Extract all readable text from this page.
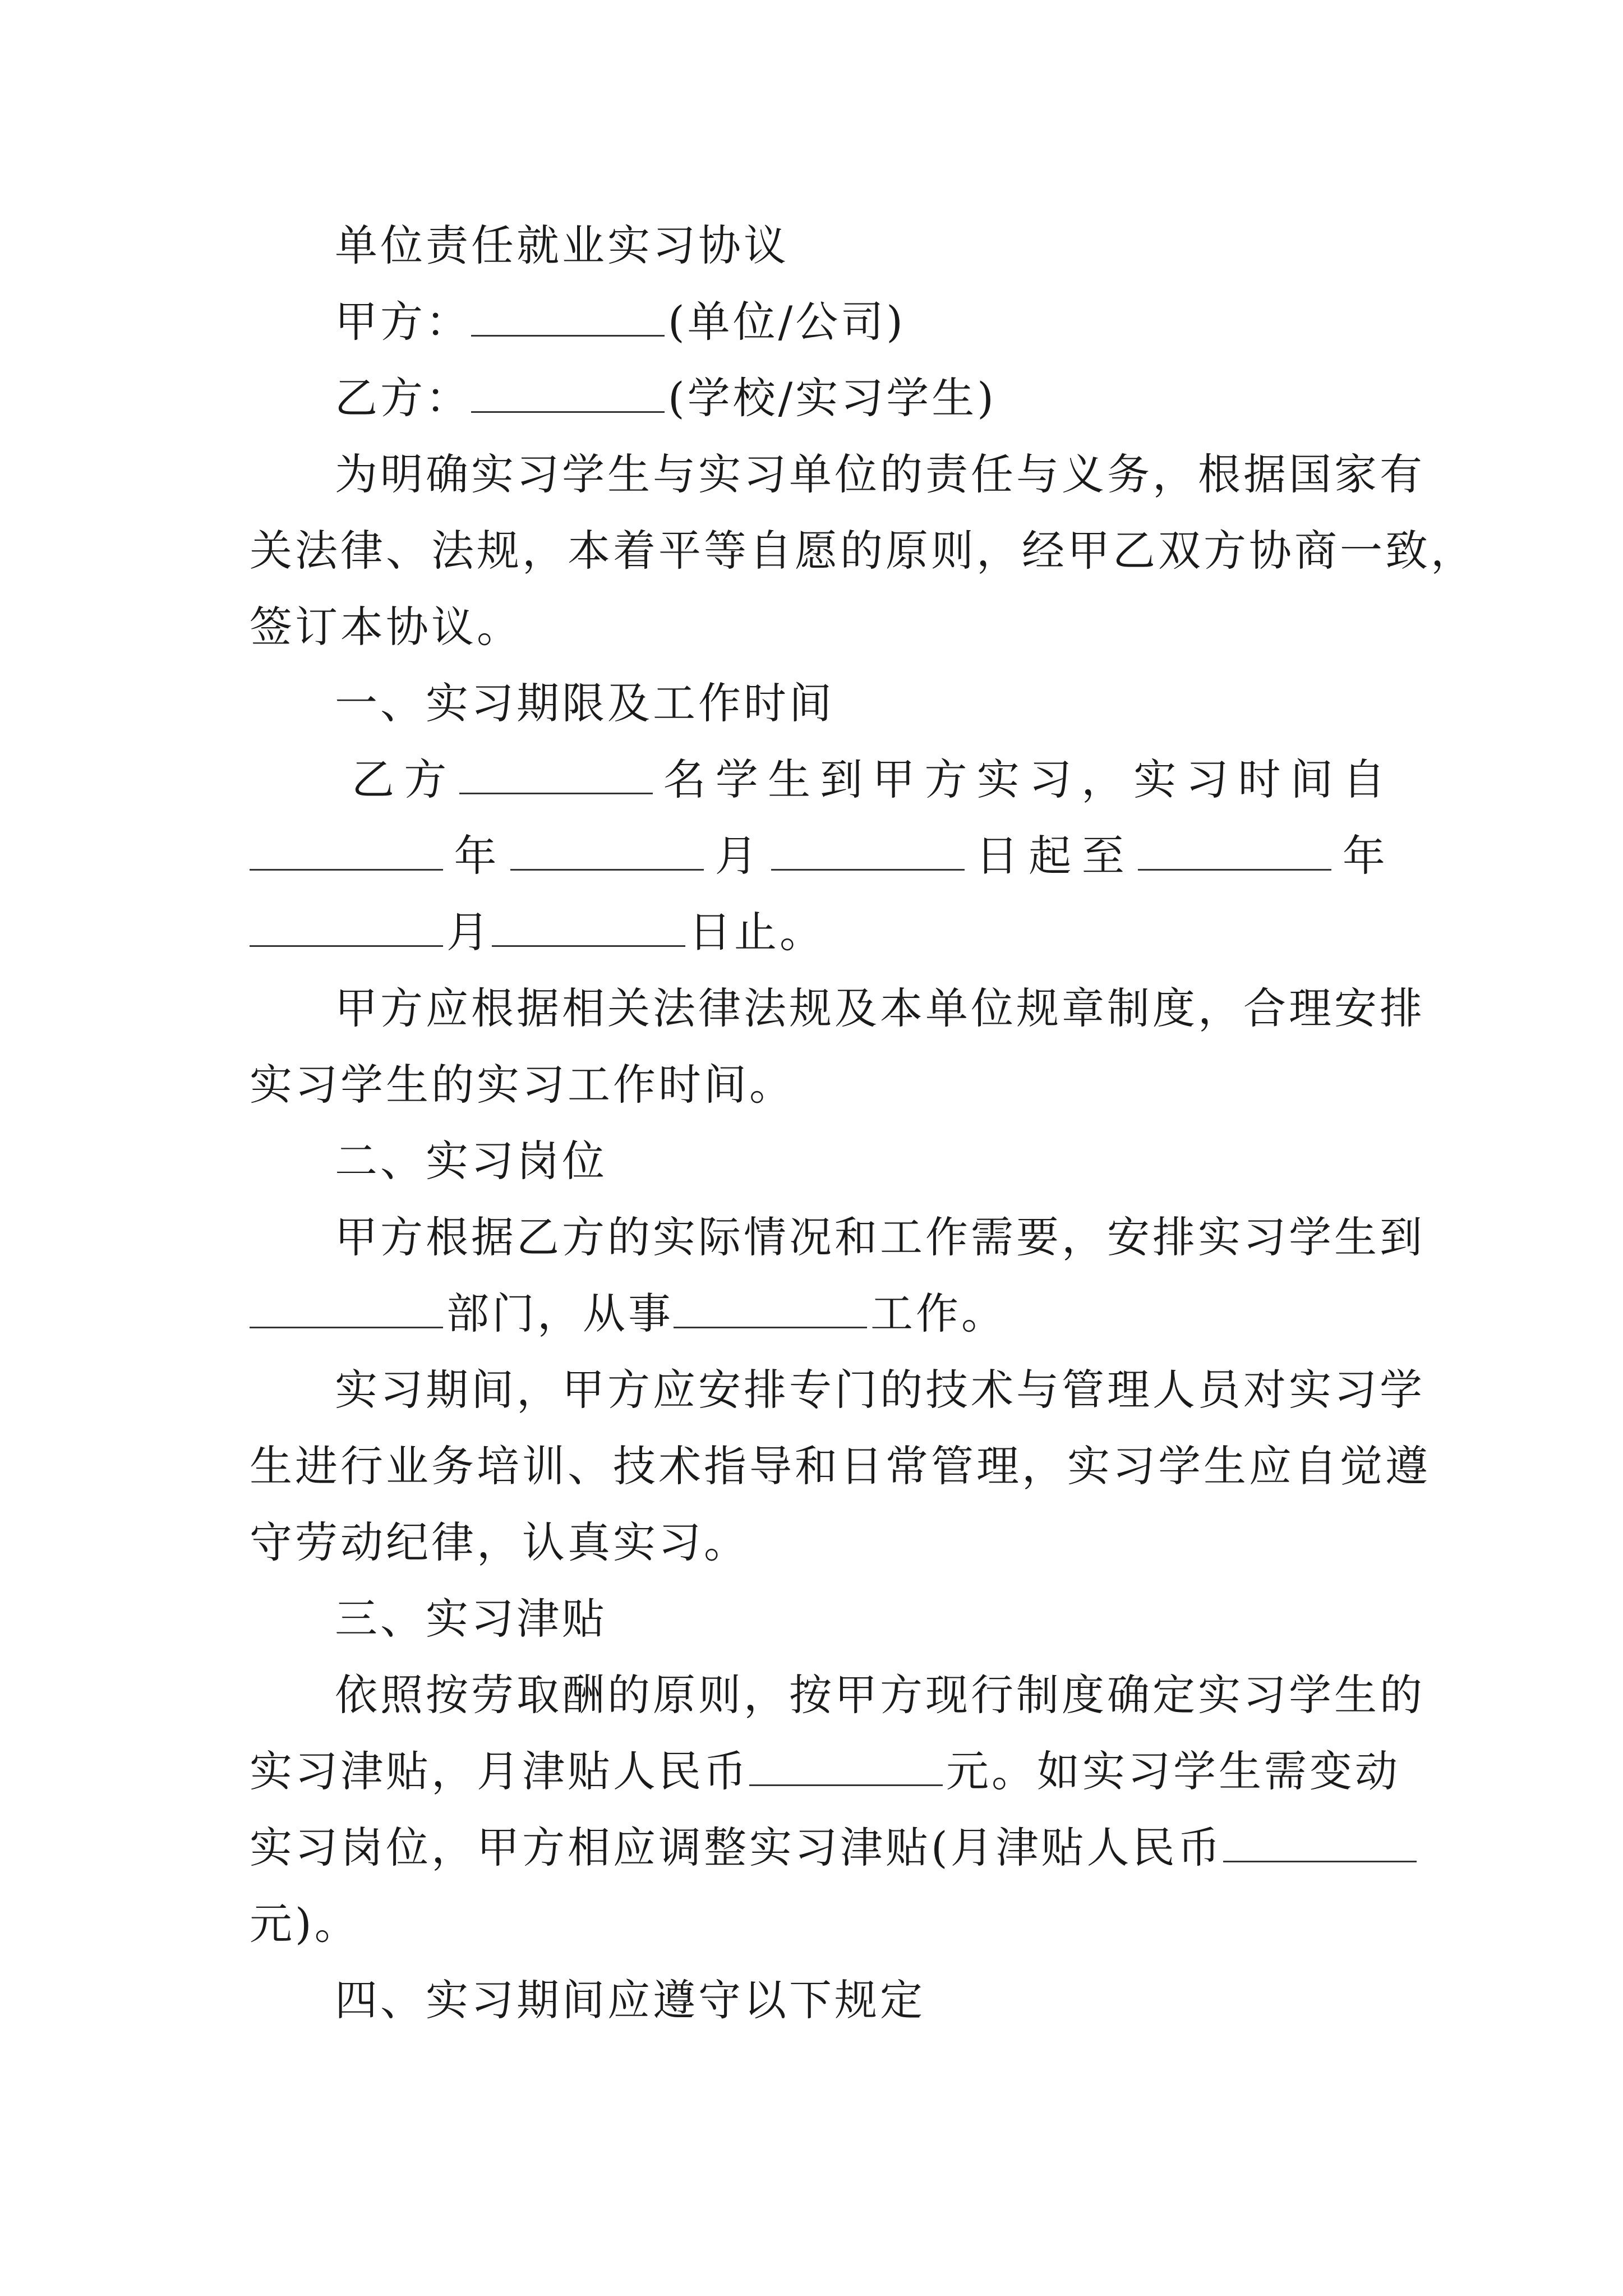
单位责任就业实习协议
甲方：	(单位/公司)
乙方：	(学校/实习学生)
为明确实习学生与实习单位的责任与义务，根据国家有
关法律、法规，本着平等自愿的原则，经甲乙双方协商一致，
签订本协议。
一、实习期限及工作时间
乙 方	名 学 生 到 甲 方 实 习 ， 实 习 时 间 自
年	月	日 起 至	年
月	日止。
甲方应根据相关法律法规及本单位规章制度，合理安排
实习学生的实习工作时间。
二、实习岗位
甲方根据乙方的实际情况和工作需要，安排实习学生到
部门，从事	工作。
实习期间，甲方应安排专门的技术与管理人员对实习学
生进行业务培训、技术指导和日常管理，实习学生应自觉遵
守劳动纪律，认真实习。
三、实习津贴
依照按劳取酬的原则，按甲方现行制度确定实习学生的
实习津贴，月津贴人民币	元。如实习学生需变动
实习岗位，甲方相应调整实习津贴(月津贴人民币
元)。
四、实习期间应遵守以下规定
